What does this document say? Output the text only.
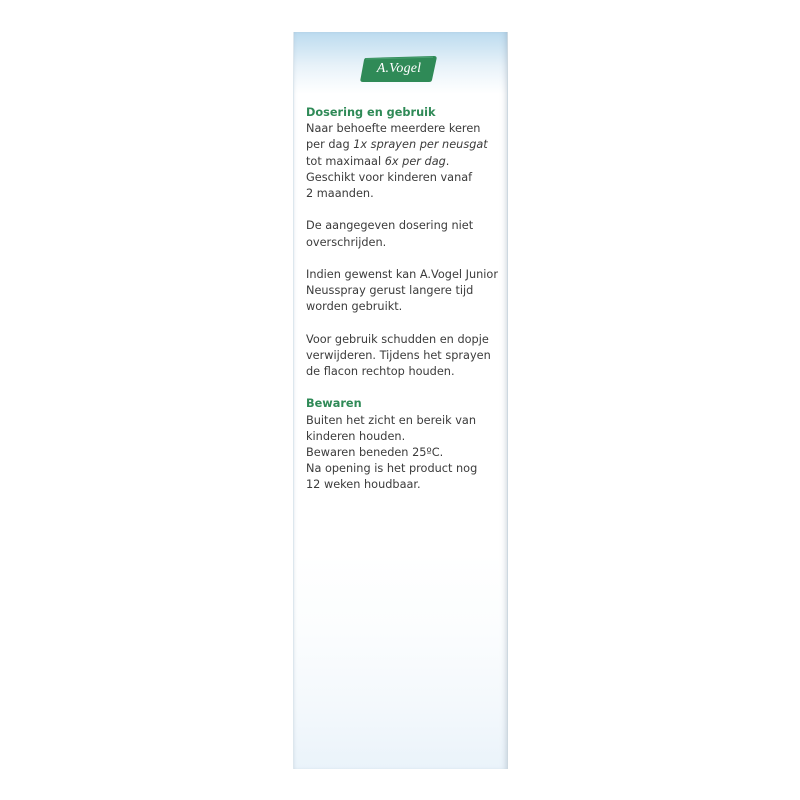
A.Vogel
Dosering en gebruik
Naar behoefte meerdere keren
per dag 1x sprayen per neusgat
tot maximaal 6x per dag.
Geschikt voor kinderen vanaf
2 maanden.
De aangegeven dosering niet
overschrijden.
Indien gewenst kan A.Vogel Junior
Neusspray gerust langere tijd
worden gebruikt.
Voor gebruik schudden en dopje
verwijderen. Tijdens het sprayen
de flacon rechtop houden.
Bewaren
Buiten het zicht en bereik van
kinderen houden.
Bewaren beneden 25ºC.
Na opening is het product nog
12 weken houdbaar.
